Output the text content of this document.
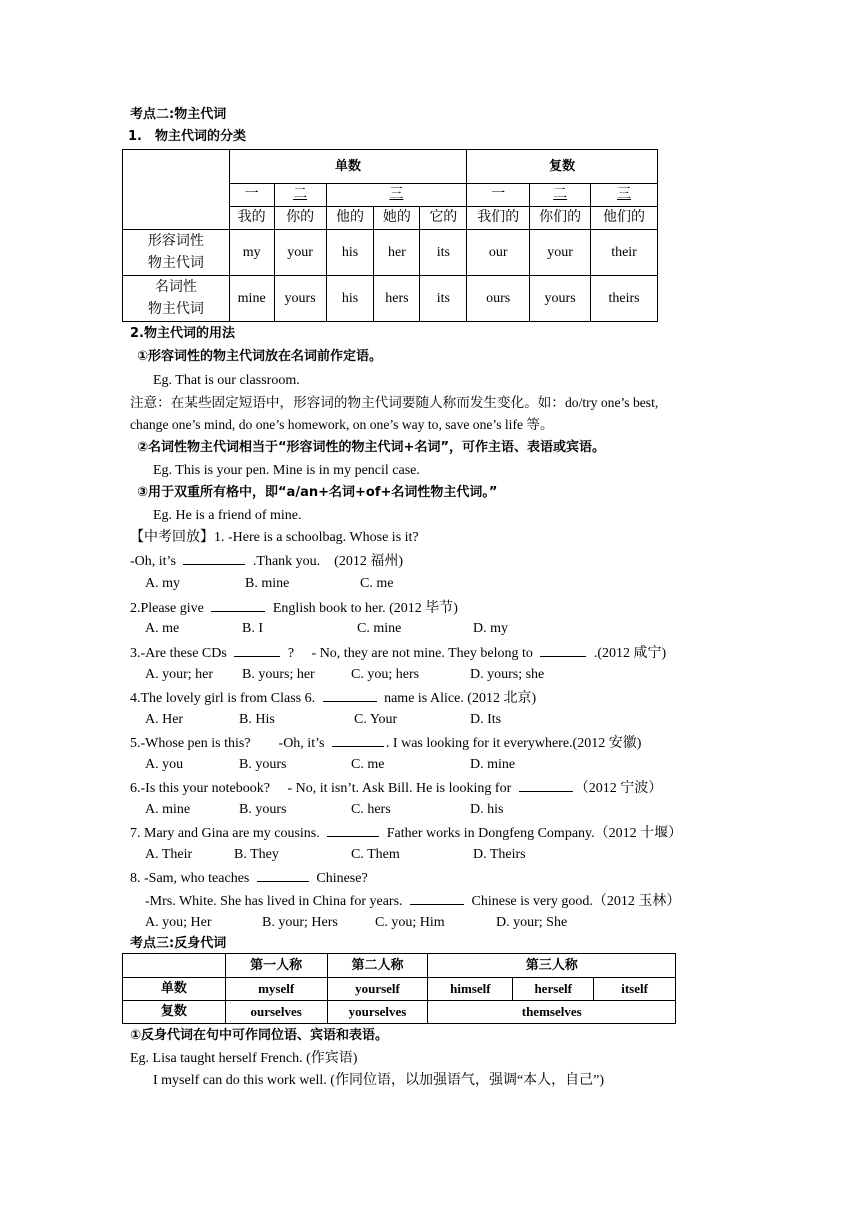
考点二:物主代词
1.　物主代词的分类
	单数					复数		
	一	二	三			一	二	三
	我的	你的	他的	她的	它的	我们的	你们的	他们的
形容词性
物主代词	my	your	his	her	its	our	your	their
名词性
物主代词	mine	yours	his	hers	its	ours	yours	theirs
2.物主代词的用法
①形容词性的物主代词放在名词前作定语。
Eg. That is our classroom.
注意：在某些固定短语中，形容词的物主代词要随人称而发生变化。如：do/try one’s best,
change one’s mind, do one’s homework, on one’s way to, save one’s life 等。
②名词性物主代词相当于“形容词性的物主代词+名词”，可作主语、表语或宾语。
Eg. This is your pen. Mine is in my pencil case.
③用于双重所有格中，即“a/an+名词+of+名词性物主代词。”
Eg. He is a friend of mine.
【中考回放】1. -Here is a schoolbag. Whose is it?
-Oh, it’s	.Thank you.　(2012 福州)
A. my	B. mine	C. me
2.Please give	English book to her. (2012 毕节)
A. me	B. I	C. mine	D. my
3.-Are these CDs	?　 - No, they are not mine. They belong to	.(2012 咸宁)
A. your; her B. yours; her	C. you; hers	D. yours; she
4.The lovely girl is from Class 6.	name is Alice. (2012 北京)
A. Her	B. His	C. Your	D. Its
5.-Whose pen is this?　　-Oh, it’s	. I was looking for it everywhere.(2012 安徽)
A. you	B. yours	C. me	D. mine
6.-Is this your notebook?　 - No, it isn’t. Ask Bill. He is looking for	（2012 宁波）
A. mine	B. yours	C. hers	D. his
7. Mary and Gina are my cousins.	Father works in Dongfeng Company.（2012 十堰）
A. Their	B. They	C. Them	D. Theirs
8. -Sam, who teaches	Chinese?
-Mrs. White. She has lived in China for years.	Chinese is very good.（2012 玉林）
A. you; Her	B. your; Hers	C. you; Him	D. your; She
考点三:反身代词
	第一人称	第二人称	第三人称		
单数	myself	yourself	himself	herself	itself
复数	ourselves	yourselves	themselves		
①反身代词在句中可作同位语、宾语和表语。
Eg. Lisa taught herself French. (作宾语)
I myself can do this work well. (作同位语，以加强语气，强调“本人，自己”)
